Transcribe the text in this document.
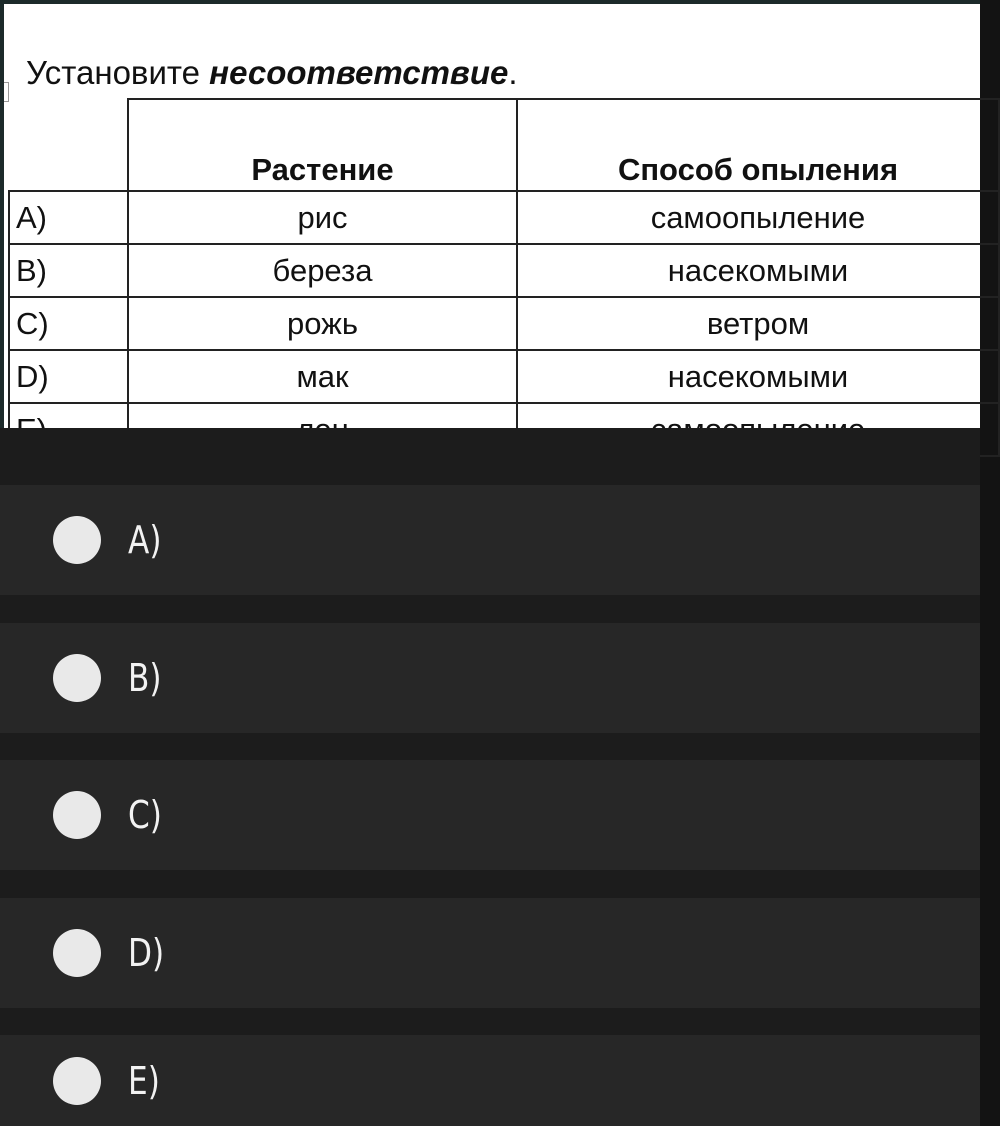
Установите несоответствие.
	Растение	Способ опыления
A)	рис	самоопыление
B)	береза	насекомыми
C)	рожь	ветром
D)	мак	насекомыми

A)
B)
C)
D)
E)
